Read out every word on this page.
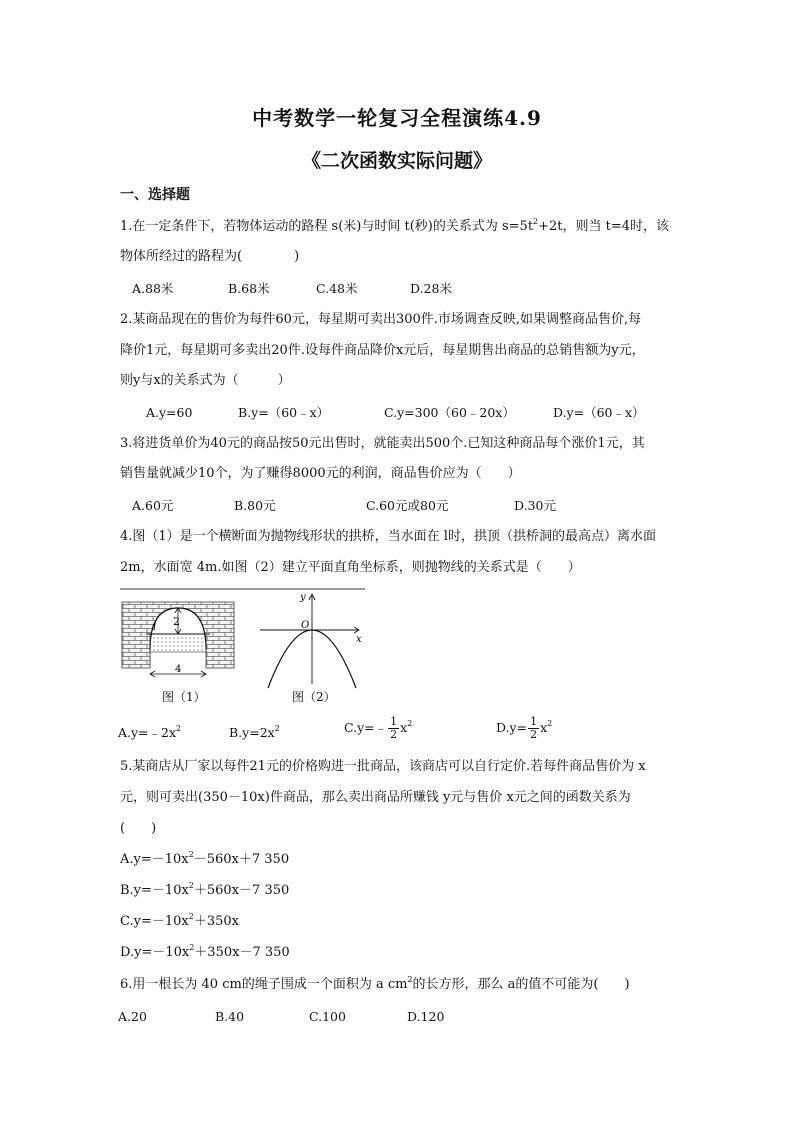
中考数学一轮复习全程演练4.9
《二次函数实际问题》
一、选择题
1.在一定条件下，若物体运动的路程 s(米)与时间 t(秒)的关系式为 $s=5t^2+2t$，则当 t=4时，该
物体所经过的路程为(　　　　)
A.88米	B.68米	C.48米	D.28米
2.某商品现在的售价为每件60元，每星期可卖出300件.市场调查反映,如果调整商品售价,每
降价1元，每星期可多卖出20件.设每件商品降价x元后，每星期售出商品的总销售额为y元，
则y与x的关系式为（　　　）
A.y=60	B.y=（60﹣x）	C.y=300（60﹣20x）	D.y=（60﹣x）
3.将进货单价为40元的商品按50元出售时，就能卖出500个.已知这种商品每个涨价1元，其
销售量就减少10个，为了赚得8000元的利润，商品售价应为（　　）
A.60元	B.80元	C.60元或80元	D.30元
4.图（1）是一个横断面为抛物线形状的拱桥，当水面在 l时，拱顶（拱桥洞的最高点）离水面
2m，水面宽 4m.如图（2）建立平面直角坐标系，则抛物线的关系式是（　　）
2
l
4
y
x
O
图（1）	图（2）
$A.y=﹣2x^2$	$B.y=2x^2$	C.y=﹣ $\frac{1}{2} x^2$	$D.y= \frac{1}{2} x^2$
5.某商店从厂家以每件21元的价格购进一批商品，该商店可以自行定价.若每件商品售价为 x
元，则可卖出(350－10x)件商品，那么卖出商品所赚钱 y元与售价 x元之间的函数关系为
(　　)
$A.y=-10x^2-560x+7$ 350
$B.y=-10x^2+560x-7$ 350
$C.y=-10x^2+350x$
$D.y=-10x^2+350x-7$ 350
6.用一根长为 40 cm的绳子围成一个面积为 a $cm^2$的长方形，那么 a的值不可能为(　　)
A.20	B.40	C.100	D.120
